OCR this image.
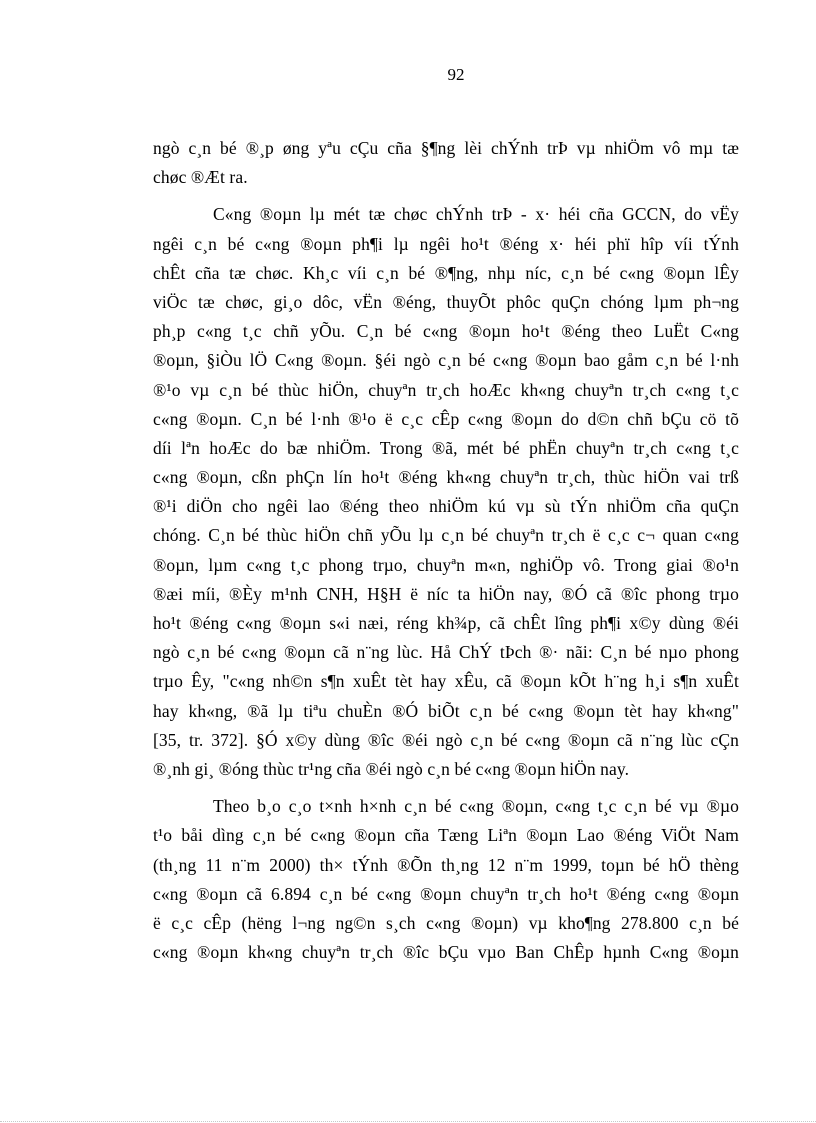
92
ngò c¸n bé ®¸p øng yªu cÇu cña §¶ng lèi chÝnh trÞ vµ nhiÖm vô mµ tæ
chøc ®Æt ra.
C«ng ®oµn lµ mét tæ chøc chÝnh trÞ - x· héi cña GCCN, do vËy
ngêi c¸n bé c«ng ®oµn ph¶i lµ ngêi ho¹t ®éng x· héi phï hîp víi tÝnh
chÊt cña tæ chøc. Kh¸c víi c¸n bé ®¶ng, nhµ níc, c¸n bé c«ng ®oµn lÊy
viÖc tæ chøc, gi¸o dôc, vËn ®éng, thuyÕt phôc quÇn chóng lµm ph¬ng
ph¸p c«ng t¸c chñ yÕu. C¸n bé c«ng ®oµn ho¹t ®éng theo LuËt C«ng
®oµn, §iÒu lÖ C«ng ®oµn. §éi ngò c¸n bé c«ng ®oµn bao gåm c¸n bé l·nh
®¹o vµ c¸n bé thùc hiÖn, chuyªn tr¸ch hoÆc kh«ng chuyªn tr¸ch c«ng t¸c
c«ng ®oµn. C¸n bé l·nh ®¹o ë c¸c cÊp c«ng ®oµn do d©n chñ bÇu cö tõ
díi lªn hoÆc do bæ nhiÖm. Trong ®ã, mét bé phËn chuyªn tr¸ch c«ng t¸c
c«ng ®oµn, cßn phÇn lín ho¹t ®éng kh«ng chuyªn tr¸ch, thùc hiÖn vai trß
®¹i diÖn cho ngêi lao ®éng theo nhiÖm kú vµ sù tÝn nhiÖm cña quÇn
chóng. C¸n bé thùc hiÖn chñ yÕu lµ c¸n bé chuyªn tr¸ch ë c¸c c¬ quan c«ng
®oµn, lµm c«ng t¸c phong trµo, chuyªn m«n, nghiÖp vô. Trong giai ®o¹n
®æi míi, ®Èy m¹nh CNH, H§H ë níc ta hiÖn nay, ®Ó cã ®îc phong trµo
ho¹t ®éng c«ng ®oµn s«i næi, réng kh¾p, cã chÊt lîng ph¶i x©y dùng ®éi
ngò c¸n bé c«ng ®oµn cã n¨ng lùc. Hå ChÝ tÞch ®· nãi: C¸n bé nµo phong
trµo Êy, "c«ng nh©n s¶n xuÊt tèt hay xÊu, cã ®oµn kÕt h¨ng h¸i s¶n xuÊt
hay kh«ng, ®ã lµ tiªu chuÈn ®Ó biÕt c¸n bé c«ng ®oµn tèt hay kh«ng"
[35, tr. 372]. §Ó x©y dùng ®îc ®éi ngò c¸n bé c«ng ®oµn cã n¨ng lùc cÇn
®¸nh gi¸ ®óng thùc tr¹ng cña ®éi ngò c¸n bé c«ng ®oµn hiÖn nay.
Theo b¸o c¸o t×nh h×nh c¸n bé c«ng ®oµn, c«ng t¸c c¸n bé vµ ®µo
t¹o båi dìng c¸n bé c«ng ®oµn cña Tæng Liªn ®oµn Lao ®éng ViÖt Nam
(th¸ng 11 n¨m 2000) th× tÝnh ®Õn th¸ng 12 n¨m 1999, toµn bé hÖ thèng
c«ng ®oµn cã 6.894 c¸n bé c«ng ®oµn chuyªn tr¸ch ho¹t ®éng c«ng ®oµn
ë c¸c cÊp (hëng l¬ng ng©n s¸ch c«ng ®oµn) vµ kho¶ng 278.800 c¸n bé
c«ng ®oµn kh«ng chuyªn tr¸ch ®îc bÇu vµo Ban ChÊp hµnh C«ng ®oµn
